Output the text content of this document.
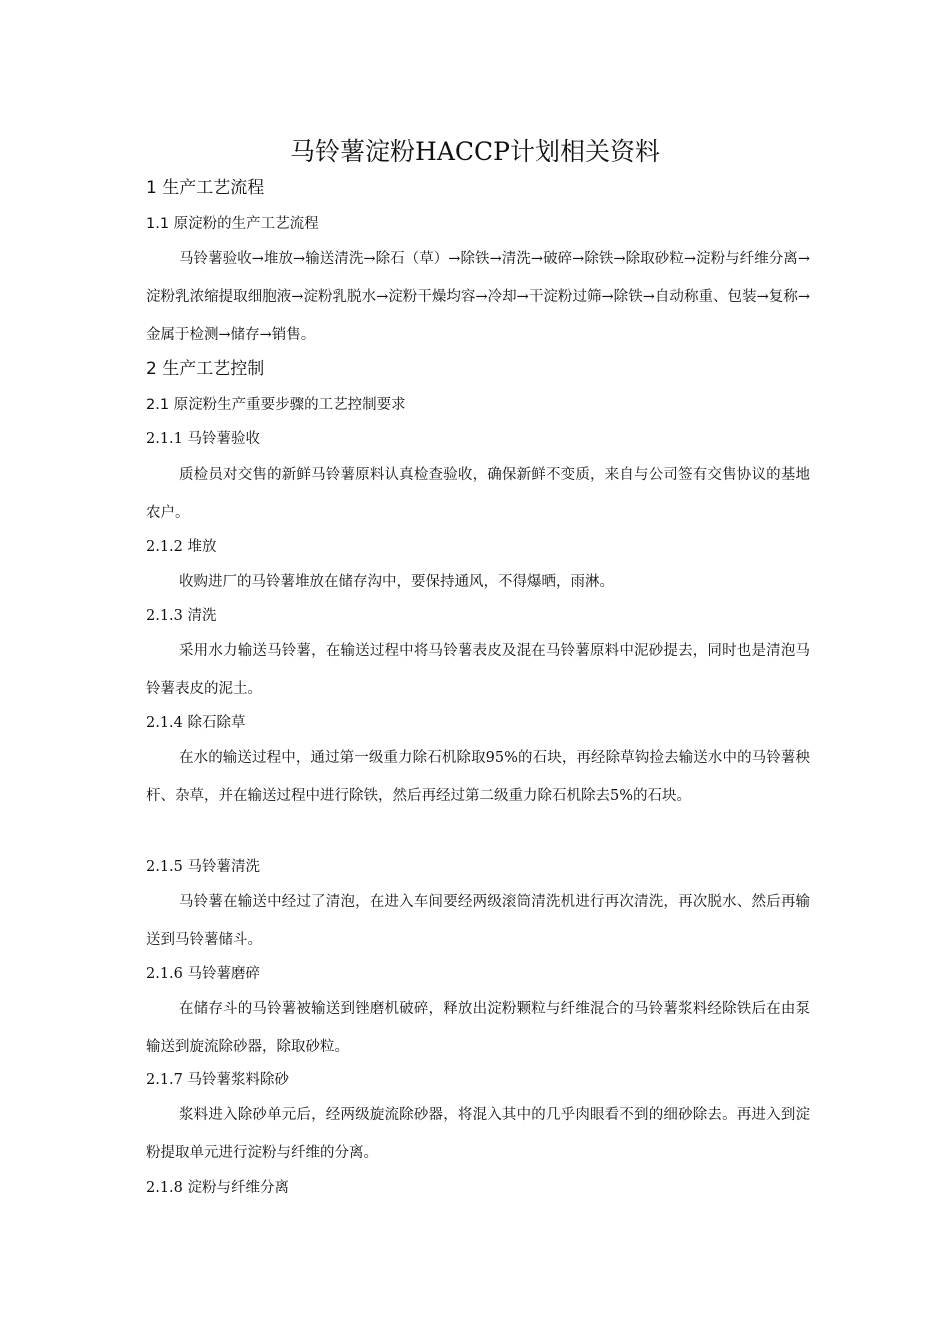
马铃薯淀粉HACCP计划相关资料
1 生产工艺流程
1.1 原淀粉的生产工艺流程

马铃薯验收→堆放→输送清洗→除石（草）→除铁→清洗→破碎→除铁→除取砂粒→淀粉与纤维分离→淀粉乳浓缩提取细胞液→淀粉乳脱水→淀粉干燥均容→冷却→干淀粉过筛→除铁→自动称重、包装→复称→金属于检测→储存→销售。

2 生产工艺控制
2.1 原淀粉生产重要步骤的工艺控制要求
2.1.1 马铃薯验收

质检员对交售的新鲜马铃薯原料认真检查验收，确保新鲜不变质，来自与公司签有交售协议的基地农户。

2.1.2 堆放

收购进厂的马铃薯堆放在储存沟中，要保持通风，不得爆晒，雨淋。

2.1.3 清洗

采用水力输送马铃薯，在输送过程中将马铃薯表皮及混在马铃薯原料中泥砂提去，同时也是清泡马铃薯表皮的泥土。

2.1.4 除石除草

在水的输送过程中，通过第一级重力除石机除取95%的石块，再经除草钩捡去输送水中的马铃薯秧杆、杂草，并在输送过程中进行除铁，然后再经过第二级重力除石机除去5%的石块。

2.1.5 马铃薯清洗

马铃薯在输送中经过了清泡，在进入车间要经两级滚筒清洗机进行再次清洗，再次脱水、然后再输送到马铃薯储斗。

2.1.6 马铃薯磨碎

在储存斗的马铃薯被输送到锉磨机破碎，释放出淀粉颗粒与纤维混合的马铃薯浆料经除铁后在由泵输送到旋流除砂器，除取砂粒。

2.1.7 马铃薯浆料除砂

浆料进入除砂单元后，经两级旋流除砂器，将混入其中的几乎肉眼看不到的细砂除去。再进入到淀粉提取单元进行淀粉与纤维的分离。

2.1.8 淀粉与纤维分离
